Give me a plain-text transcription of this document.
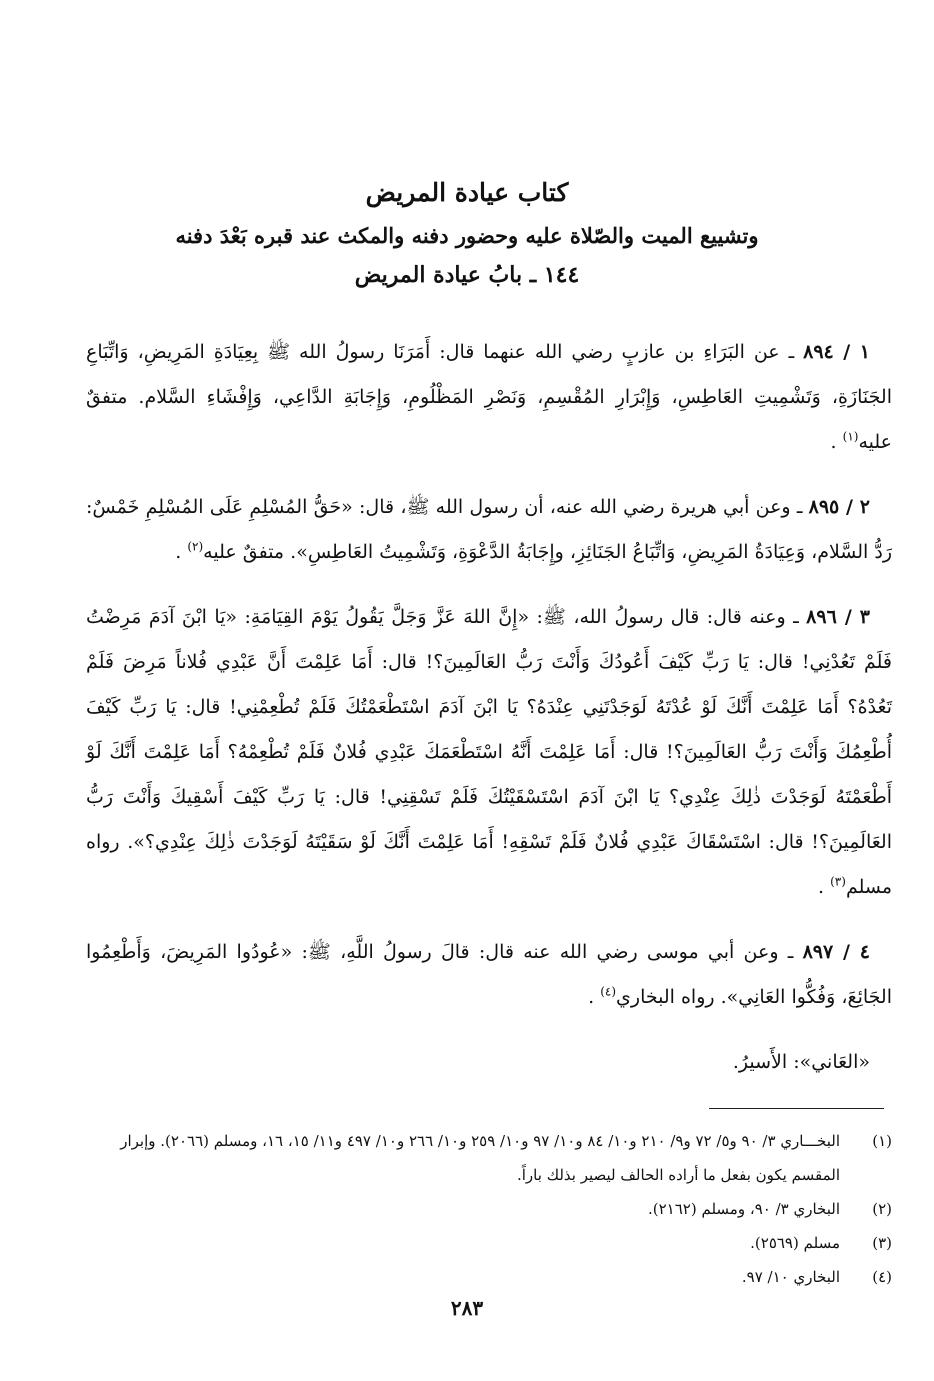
كتاب عيادة المريض
وتشييع الميت والصّلاة عليه وحضور دفنه والمكث عند قبره بَعْدَ دفنه
١٤٤ ـ بابُ عيادة المريض

١ / ٨٩٤ ـ عن البَرَاءِ بن عازبٍ رضي الله عنهما قال: أَمَرَنَا رسولُ الله ﷺ بِعِيَادَةِ المَرِيضِ، وَاتِّبَاعِ الجَنَازَةِ، وَتَشْمِيتِ العَاطِسِ، وَإِبْرَارِ المُقْسِمِ، وَنَصْرِ المَظْلُومِ، وَإِجَابَةِ الدَّاعِي، وَإِفْشَاءِ السَّلام. متفقٌ عليه$^{(١)}$ .

٢ / ٨٩٥ ـ وعن أبي هريرة رضي الله عنه، أن رسول الله ﷺ، قال: «حَقُّ المُسْلِمِ عَلَى المُسْلِمِ خَمْسٌ: رَدُّ السَّلام، وَعِيَادَةُ المَرِيضِ، وَاتِّبَاعُ الجَنَائِزِ، وإِجَابَةُ الدَّعْوَةِ، وَتَشْمِيتُ العَاطِسِ». متفقٌ عليه$^{(٢)}$ .

٣ / ٨٩٦ ـ وعنه قال: قال رسولُ الله، ﷺ: «إِنَّ اللهَ عَزَّ وَجَلَّ يَقُولُ يَوْمَ القِيَامَةِ: «يَا ابْنَ آدَمَ مَرِضْتُ فَلَمْ تَعُدْنِي! قال: يَا رَبِّ كَيْفَ أَعُودُكَ وَأَنْتَ رَبُّ العَالَمِينَ؟! قال: أَمَا عَلِمْتَ أَنَّ عَبْدِي فُلاناً مَرِضَ فَلَمْ تَعُدْهُ؟ أَمَا عَلِمْتَ أَنَّكَ لَوْ عُدْتَهُ لَوَجَدْتَنِي عِنْدَهُ؟ يَا ابْنَ آدَمَ اسْتَطْعَمْتُكَ فَلَمْ تُطْعِمْنِي! قال: يَا رَبِّ كَيْفَ أُطْعِمُكَ وَأَنْتَ رَبُّ العَالَمِينَ؟! قال: أَمَا عَلِمْتَ أَنَّهُ اسْتَطْعَمَكَ عَبْدِي فُلانٌ فَلَمْ تُطْعِمْهُ؟ أَمَا عَلِمْتَ أَنَّكَ لَوْ أَطْعَمْتَهُ لَوَجَدْتَ ذٰلِكَ عِنْدِي؟ يَا ابْنَ آدَمَ اسْتَسْقَيْتُكَ فَلَمْ تَسْقِنِي! قال: يَا رَبِّ كَيْفَ أَسْقِيكَ وَأَنْتَ رَبُّ العَالَمِينَ؟! قال: اسْتَسْقَاكَ عَبْدِي فُلانٌ فَلَمْ تَسْقِهِ! أَمَا عَلِمْتَ أَنَّكَ لَوْ سَقَيْتَهُ لَوَجَدْتَ ذٰلِكَ عِنْدِي؟». رواه مسلم$^{(٣)}$ .

٤ / ٨٩٧ ـ وعن أبي موسى رضي الله عنه قال: قالَ رسولُ اللَّهِ، ﷺ: «عُودُوا المَرِيضَ، وَأَطْعِمُوا الجَائِعَ، وَفُكُّوا العَانِي». رواه البخاري$^{(٤)}$ .

«العَاني»: الأَسيرُ.

(١)
البخـــاري ٣/ ٩٠ و٥/ ٧٢ و٩/ ٢١٠ و١٠/ ٨٤ و١٠/ ٩٧ و١٠/ ٢٥٩ و١٠/ ٢٦٦ و١٠/ ٤٩٧ و١١/ ١٥، ١٦، ومسلم (٢٠٦٦). وإبرار المقسم يكون بفعل ما أراده الحالف ليصير بذلك باراً.
(٢)
البخاري ٣/ ٩٠، ومسلم (٢١٦٢).
(٣)
مسلم (٢٥٦٩).
(٤)
البخاري ١٠/ ٩٧.
٢٨٣
